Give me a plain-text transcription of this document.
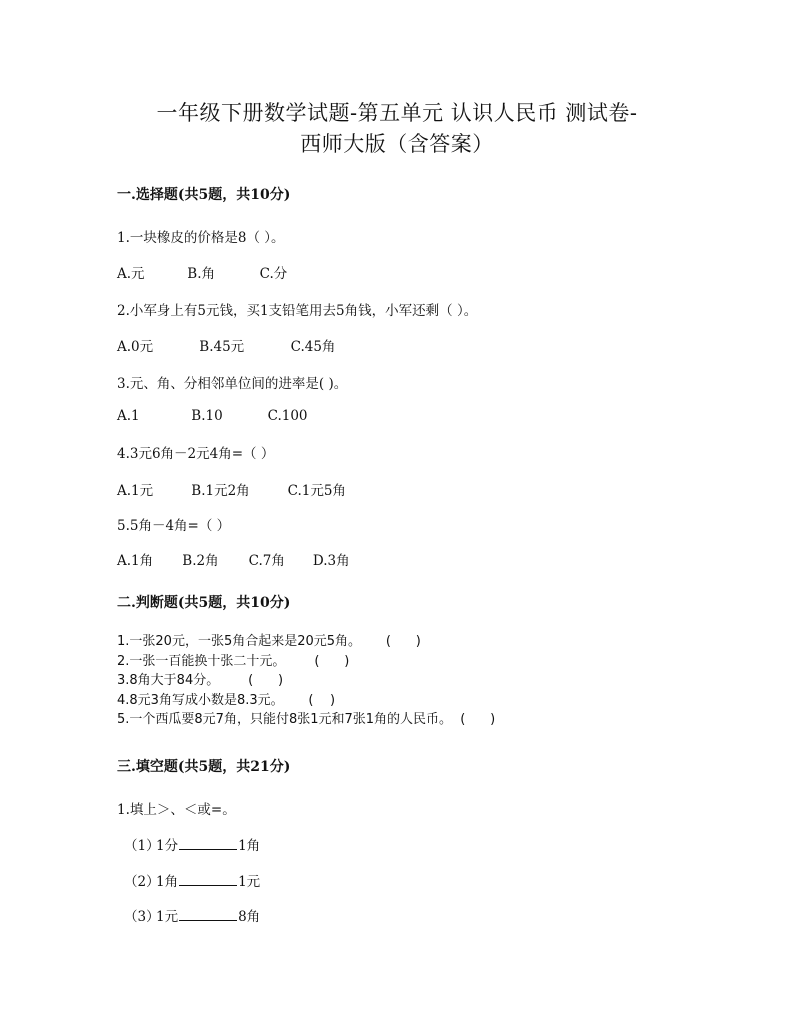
一年级下册数学试题-第五单元 认识人民币 测试卷-
西师大版（含答案）
一.选择题(共5题，共10分)
1.一块橡皮的价格是8（ ）。
A.元	B.角	C.分
2.小军身上有5元钱，买1支铅笔用去5角钱，小军还剩（ ）。
A.0元	B.45元	C.45角
3.元、角、分相邻单位间的进率是( )。
A.1	B.10	C.100
4.3元6角－2元4角=（ ）
A.1元	B.1元2角	C.1元5角
5.5角－4角=（ ）
A.1角 B.2角 C.7角 D.3角
二.判断题(共5题，共10分)
1.一张20元，一张5角合起来是20元5角。      (      )
2.一张一百能换十张二十元。       (      )
3.8角大于84分。       (      )
4.8元3角写成小数是8.3元。      (    )
5.一个西瓜要8元7角，只能付8张1元和7张1角的人民币。  (      )
三.填空题(共5题，共21分)
1.填上＞、＜或=。
（1）1分	1角
（2）1角	1元
（3）1元	8角
